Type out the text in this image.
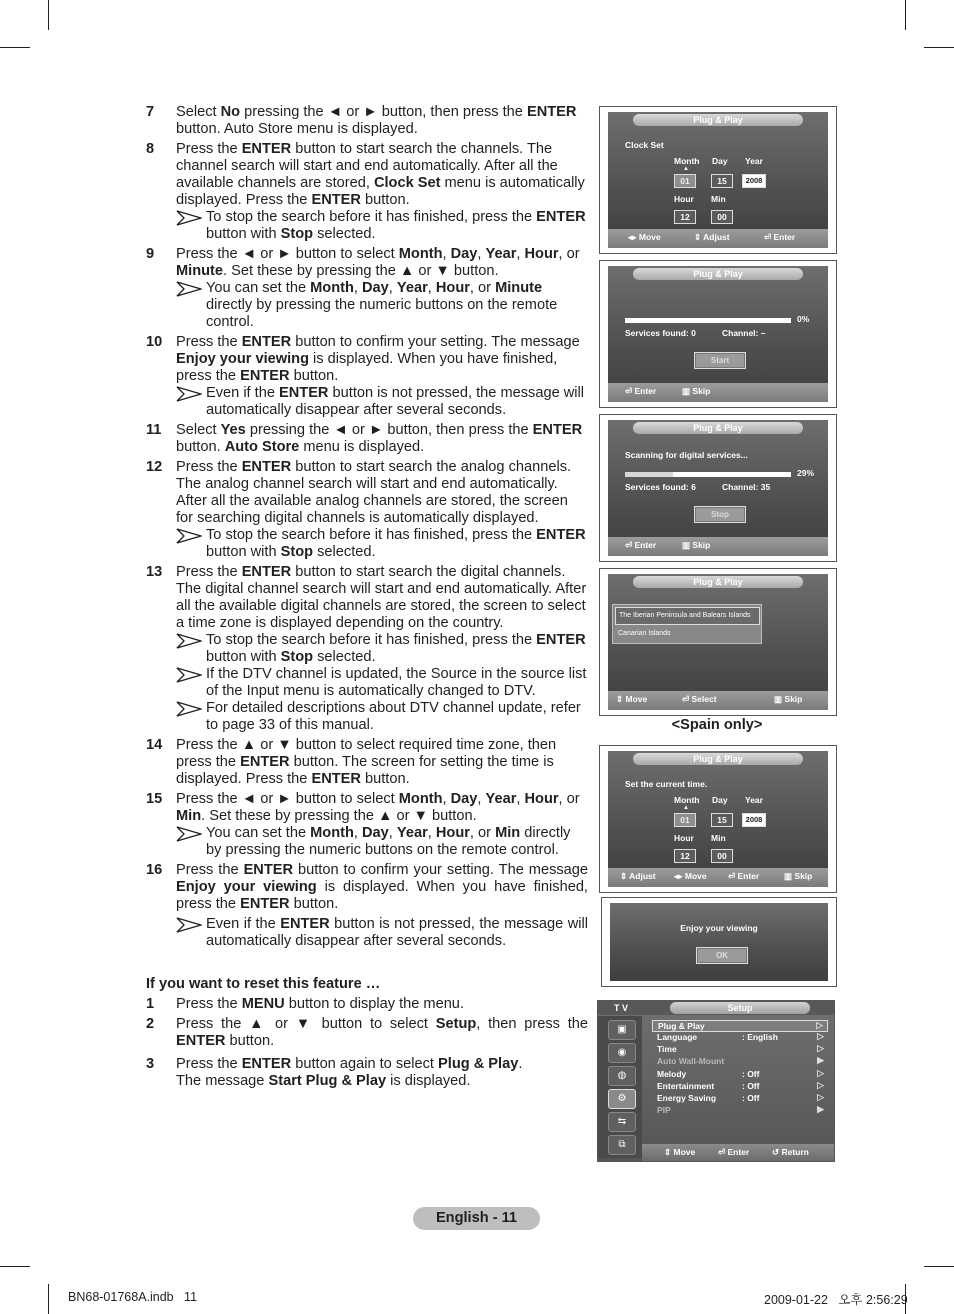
7 Select No pressing the ◄ or ► button, then press the ENTER button. Auto Store menu is displayed.
8 Press the ENTER button to start search the channels. The channel search will start and end automatically. After all the available channels are stored, Clock Set menu is automatically displayed. Press the ENTER button.
To stop the search before it has finished, press the ENTER button with Stop selected.
9 Press the ◄ or ► button to select Month, Day, Year, Hour, or Minute. Set these by pressing the ▲ or ▼ button.
You can set the Month, Day, Year, Hour, or Minute directly by pressing the numeric buttons on the remote control.
10 Press the ENTER button to confirm your setting. The message Enjoy your viewing is displayed. When you have finished, press the ENTER button.
Even if the ENTER button is not pressed, the message will automatically disappear after several seconds.
11 Select Yes pressing the ◄ or ► button, then press the ENTER button. Auto Store menu is displayed.
12 Press the ENTER button to start search the analog channels. The analog channel search will start and end automatically. After all the available analog channels are stored, the screen for searching digital channels is automatically displayed.
To stop the search before it has finished, press the ENTER button with Stop selected.
13 Press the ENTER button to start search the digital channels. The digital channel search will start and end automatically. After all the available digital channels are stored, the screen to select a time zone is displayed depending on the country.
To stop the search before it has finished, press the ENTER button with Stop selected.
If the DTV channel is updated, the Source in the source list of the Input menu is automatically changed to DTV.
For detailed descriptions about DTV channel update, refer to page 33 of this manual.
14 Press the ▲ or ▼ button to select required time zone, then press the ENTER button. The screen for setting the time is displayed. Press the ENTER button.
15 Press the ◄ or ► button to select Month, Day, Year, Hour, or Min. Set these by pressing the ▲ or ▼ button.
You can set the Month, Day, Year, Hour, or Min directly by pressing the numeric buttons on the remote control.
16 Press the ENTER button to confirm your setting. The message Enjoy your viewing is displayed. When you have finished, press the ENTER button.
Even if the ENTER button is not pressed, the message will automatically disappear after several seconds.
If you want to reset this feature …
1 Press the MENU button to display the menu.
2 Press the ▲ or ▼ button to select Setup, then press the ENTER button.
3 Press the ENTER button again to select Plug & Play.
The message Start Plug & Play is displayed.
Plug & Play
Clock Set
Month Day Year
▲
01	15	2008
Hour Min
12	00
◂▸ Move	⇕ Adjust	⏎ Enter
Plug & Play
0%
Services found: 0	Channel: –
Start
⏎ Enter	▥ Skip
Plug & Play
Scanning for digital services...
29%
Services found: 6	Channel: 35
Stop
⏎ Enter	▥ Skip
Plug & Play
The Iberian Peninsula and Balears Islands
Canarian Islands
⇕ Move	⏎ Select	▥ Skip
<Spain only>
Plug & Play
Set the current time.
Month Day Year
▲
01	15	2008
Hour Min
12	00
⇕ Adjust ◂▸ Move	⏎ Enter	▥ Skip
Enjoy your viewing
OK
T V	Setup
▣
◉
◍
⚙
⇆
⧉
Plug & Play	▷
Language	: English	▷
Time	▷
Auto Wall-Mount	▶
Melody	: Off	▷
Entertainment	: Off	▷
Energy Saving	: Off	▷
PIP	▶
⇕ Move	⏎ Enter	↺ Return
English - 11
BN68-01768A.indb   11	2009-01-22   오후 2:56:29
